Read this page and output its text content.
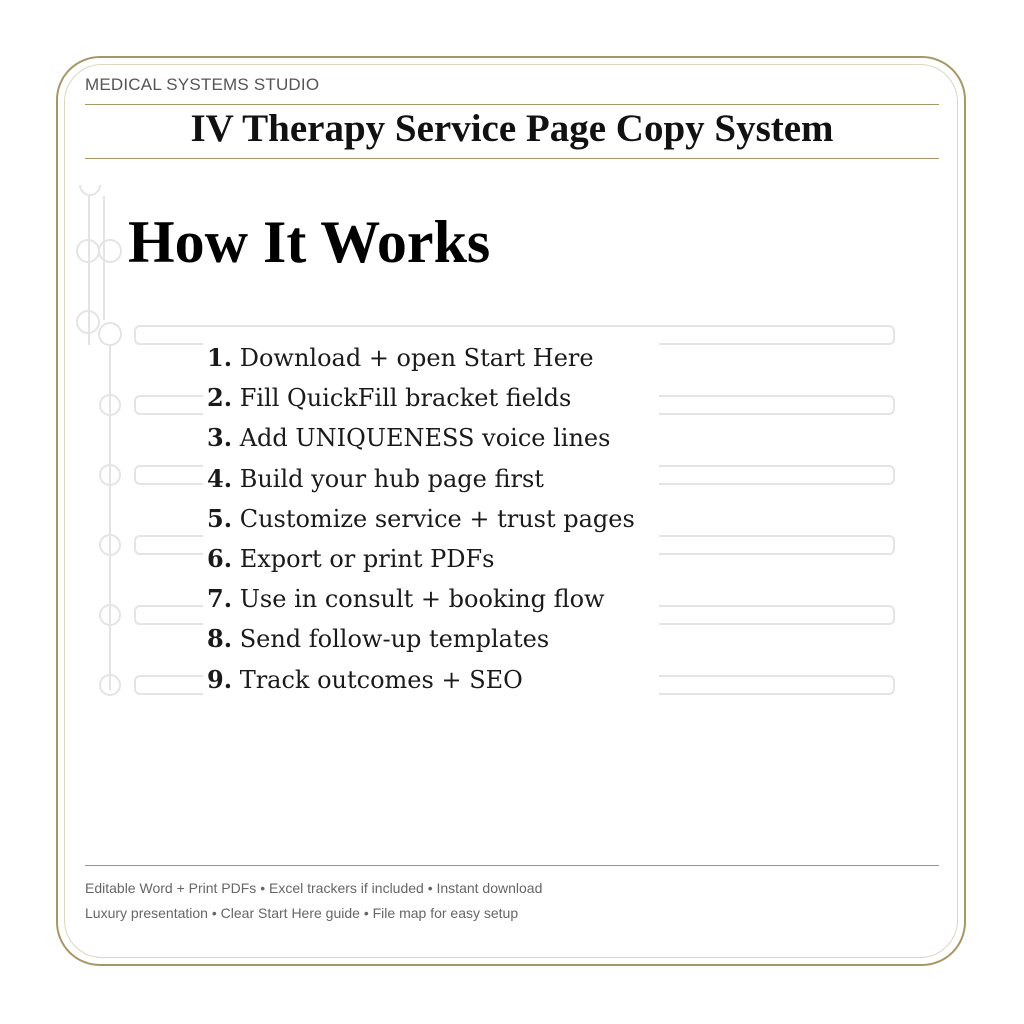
MEDICAL SYSTEMS STUDIO
IV Therapy Service Page Copy System
How It Works
1. Download + open Start Here
2. Fill QuickFill bracket fields
3. Add UNIQUENESS voice lines
4. Build your hub page first
5. Customize service + trust pages
6. Export or print PDFs
7. Use in consult + booking flow
8. Send follow-up templates
9. Track outcomes + SEO
Editable Word + Print PDFs • Excel trackers if included • Instant download
Luxury presentation • Clear Start Here guide • File map for easy setup
